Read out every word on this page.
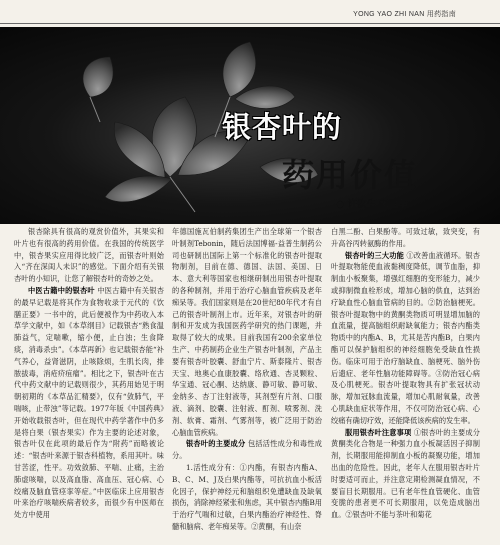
YONG YAO ZHI NAN 用药指南
银杏叶的
药用价值
○ 许钦生 宋卫华

银杏除具有很高的观赏价值外，其果实和叶片也有很高的药用价值。在我国的传统医学中，银杏果实应用得比较广泛，而银杏叶则始入“齐在深闺人未识”的感觉。下面介绍有关银杏叶的小知识，让您了解银杏叶的奇妙之处。

中医古籍中的银杏叶 中医古籍中有关银杏的最早记载是将其作为食物收录于元代的《饮膳正要》一书中的，此后便被作为中药收入本草学文献中，如《本草纲目》记载银杏“熟食温肺益气，定喘嗽，缩小便，止白浊；生食降痰，消毒杀虫”。《本草再新》也记载银杏能“补气养心，益肾滋阴，止咳除烦，生肌长肉，排脓拔毒，消疮疥疽瘤”。相比之下，银杏叶在古代中药文献中的记载则很少，其药用始见于明朝初期的《本草品汇精要》，仅有“敛肺气，平喘咳，止带浊”等记载。1977年版《中国药典》开始收载银杏叶，但在现代中药学著作中仍多是将白果（银杏果实）作为主要的论述对象，银杏叶仅在此项的最后作为“附药”而略被论述：“银杏叶来源于银杏科植物，系用其叶。味甘苦涩，性平。功效敛肺、平喘、止痛，主治肺虚咳喘，以及高血脂、高血压、冠心病、心绞痛及脑血管痉挛等症。”中医临床上应用银杏叶来治疗咳喘疾病者较多，而很少有中医师在处方中使用

年德国施瓦伯制药集团生产出全球第一个银杏叶制剂Tebonin，随后法国博福-益普生制药公司也研制出国际上第一个标准化的银杏叶提取物制剂，目前在德、德国、法国、美国、日本、意大利等国家也相继研制出用银杏叶提取的各种制剂，并用于治疗心脑血管疾病及老年痴呆等。我们国家则是在20世纪80年代才有自己的银杏叶制剂上市。近年来，对银杏叶的研制和开发成为我国医药学研究的热门课题，并取得了较大的成果。目前我国有200余家单位生产、中药制药企业生产银杏叶制剂，产品主要有银杏叶胶囊、舒血宁片、斯泰隆片、银杏天宝、地奥心血康胶囊、络欣通、杏灵颗粒、华宝通、冠心酮、达纳康、静可敏、静可敏、金纳多、杏丁注射液等，其剂型有片剂、口服液、滴剂、胶囊、注射液、酊剂、喷雾剂、洗剂、软膏、霜剂、气雾剂等，被广泛用于防治心脑血管疾病。

银杏叶的主要成分 包括活性成分和毒性成分。

1.活性成分有：①内酯，有银杏内酯A、B、C、M、J及白果内酯等，可抗抗血小板活化因子，保护神经元和脑组织免遭缺血及缺氧损伤，消除神经紧张和焦虑，其中银杏内酯B用于治疗气喘和过敏，白果内酯治疗神经性、脊髓和脑病、老年痴呆等。②黄酮，有山奈

白黑二酚、白果酚等。可致过敏，致突变，有升高谷丙转氨酶的作用。

银杏叶的三大功能 ①改善血液循环。银杏叶提取物能使血液黏稠度降低，调节血脂，抑制血小板聚集，增强红细胞的变形能力，减少或抑制微血栓形成，增加心脑的供血，达到治疗缺血性心脑血管病的目的。②防治脑梗死。银杏叶提取物中的黄酮类物质可明显增加脑的血流量，提高脑组织耐缺氧能力；银杏内酯类物质中的内酯A、B，尤其是苦内酯B，白果内酯可以保护脑组织的神经细胞免受缺血性损伤。临床可用于治疗脑缺血、脑梗死、脑外伤后遗症、老年性脑功能障碍等。③防治冠心病及心肌梗死。银杏叶提取物具有扩张冠状动脉，增加冠脉血流量，增加心肌耐氧量，改善心肌缺血症状等作用，不仅可防治冠心病、心绞痛有确切疗效，还能降低该疾病的发生率。

服用银杏叶注意事项 ①银杏叶的主要成分黄酮类化合物是一种强力血小板凝活因子抑制剂，长期服用能抑制血小板的凝聚功能，增加出血的危险性。因此，老年人在服用银杏叶片时要适可而止，并注意定期检测凝血情况，不要盲目长期服用。已有老年性血管硬化、血管变脆的患者更不可长期服用，以免造成脑出血。②银杏叶不能与茶叶和菊花
